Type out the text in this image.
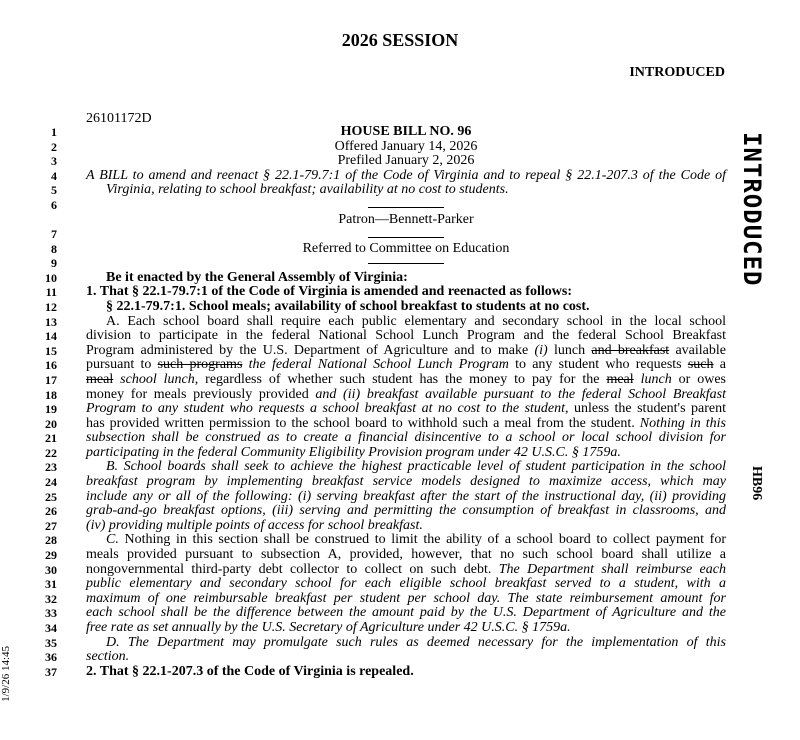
2026 SESSION
INTRODUCED
26101172D
INTRODUCED
HB96
1/9/26 14:45
1	HOUSE BILL NO. 96
2	Offered January 14, 2026
3	Prefiled January 2, 2026
4 A BILL to amend and reenact § 22.1-79.7:1 of the Code of Virginia and to repeal § 22.1-207.3 of the Code of
5	Virginia, relating to school breakfast; availability at no cost to students.
6
7
Patron—Bennett-Parker
8	Referred to Committee on Education
9
10	Be it enacted by the General Assembly of Virginia:
11 1. That § 22.1-79.7:1 of the Code of Virginia is amended and reenacted as follows:
12	§ 22.1-79.7:1. School meals; availability of school breakfast to students at no cost.
13	A. Each school board shall require each public elementary and secondary school in the local school
14 division to participate in the federal National School Lunch Program and the federal School Breakfast
15 Program administered by the U.S. Department of Agriculture and to make (i) lunch and breakfast available
16 pursuant to such programs the federal National School Lunch Program to any student who requests such a
17 meal school lunch, regardless of whether such student has the money to pay for the meal lunch or owes
18 money for meals previously provided and (ii) breakfast available pursuant to the federal School Breakfast
19 Program to any student who requests a school breakfast at no cost to the student, unless the student's parent
20 has provided written permission to the school board to withhold such a meal from the student. Nothing in this
21 subsection shall be construed as to create a financial disincentive to a school or local school division for
22 participating in the federal Community Eligibility Provision program under 42 U.S.C. § 1759a.
23	B. School boards shall seek to achieve the highest practicable level of student participation in the school
24 breakfast program by implementing breakfast service models designed to maximize access, which may
25 include any or all of the following: (i) serving breakfast after the start of the instructional day, (ii) providing
26 grab-and-go breakfast options, (iii) serving and permitting the consumption of breakfast in classrooms, and
27 (iv) providing multiple points of access for school breakfast.
28	C. Nothing in this section shall be construed to limit the ability of a school board to collect payment for
29 meals provided pursuant to subsection A, provided, however, that no such school board shall utilize a
30 nongovernmental third-party debt collector to collect on such debt. The Department shall reimburse each
31 public elementary and secondary school for each eligible school breakfast served to a student, with a
32 maximum of one reimbursable breakfast per student per school day. The state reimbursement amount for
33 each school shall be the difference between the amount paid by the U.S. Department of Agriculture and the
34 free rate as set annually by the U.S. Secretary of Agriculture under 42 U.S.C. § 1759a.
35	D. The Department may promulgate such rules as deemed necessary for the implementation of this
36 section.
37 2. That § 22.1-207.3 of the Code of Virginia is repealed.
